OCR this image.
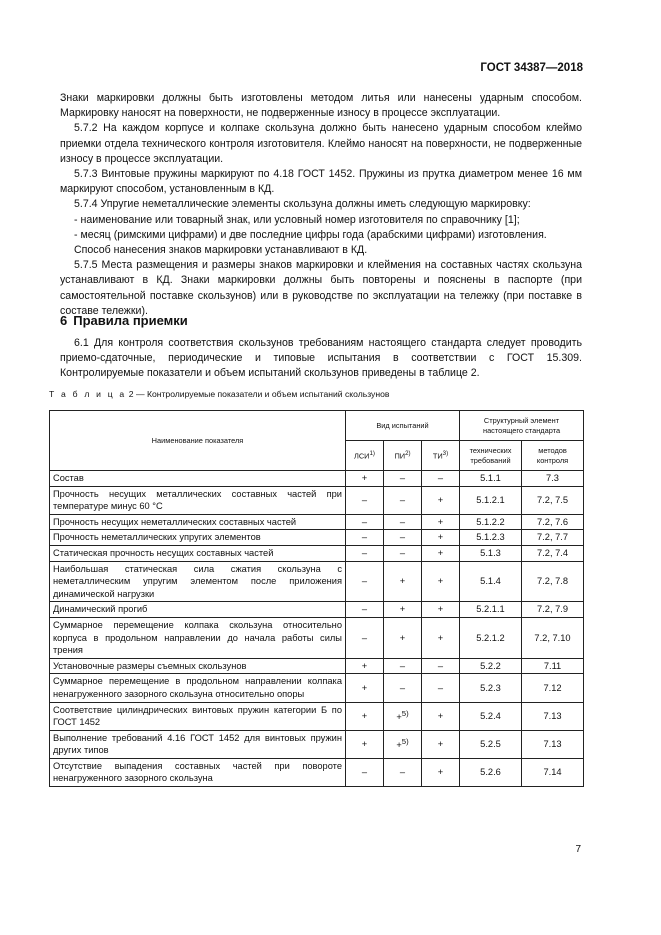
ГОСТ 34387—2018

Знаки маркировки должны быть изготовлены методом литья или нанесены ударным способом. Маркировку наносят на поверхности, не подверженные износу в процессе эксплуатации.

5.7.2 На каждом корпусе и колпаке скользуна должно быть нанесено ударным способом клеймо приемки отдела технического контроля изготовителя. Клеймо наносят на поверхности, не подверженные износу в процессе эксплуатации.

5.7.3 Винтовые пружины маркируют по 4.18 ГОСТ 1452. Пружины из прутка диаметром менее 16 мм маркируют способом, установленным в КД.

5.7.4 Упругие неметаллические элементы скользуна должны иметь следующую маркировку:

- наименование или товарный знак, или условный номер изготовителя по справочнику [1];

- месяц (римскими цифрами) и две последние цифры года (арабскими цифрами) изготовления.

Способ нанесения знаков маркировки устанавливают в КД.

5.7.5 Места размещения и размеры знаков маркировки и клеймения на составных частях скользуна устанавливают в КД. Знаки маркировки должны быть повторены и пояснены в паспорте (при самостоятельной поставке скользунов) или в руководстве по эксплуатации на тележку (при поставке в составе тележки).

6 Правила приемки

6.1 Для контроля соответствия скользунов требованиям настоящего стандарта следует проводить приемо-сдаточные, периодические и типовые испытания в соответствии с ГОСТ 15.309. Контролируемые показатели и объем испытаний скользунов приведены в таблице 2.

Т а б л и ц а 2 — Контролируемые показатели и объем испытаний скользунов
Наименование показателя	Вид испытаний			Структурный элемент настоящего стандарта	
	ЛСИ$^{1)}$	ПИ$^{2)}$	ТИ$^{3)}$	технических требований	методов контроля
Состав	+	–	–	5.1.1	7.3
Прочность несущих металлических составных частей при температуре минус 60 °С	–	–	+	5.1.2.1	7.2, 7.5
Прочность несущих неметаллических составных частей	–	–	+	5.1.2.2	7.2, 7.6
Прочность неметаллических упругих элементов	–	–	+	5.1.2.3	7.2, 7.7
Статическая прочность несущих составных частей	–	–	+	5.1.3	7.2, 7.4
Наибольшая статическая сила сжатия скользуна с неметаллическим упругим элементом после приложения динамической нагрузки	–	+	+	5.1.4	7.2, 7.8
Динамический прогиб	–	+	+	5.2.1.1	7.2, 7.9
Суммарное перемещение колпака скользуна относительно корпуса в продольном направлении до начала работы силы трения	–	+	+	5.2.1.2	7.2, 7.10
Установочные размеры съемных скользунов	+	–	–	5.2.2	7.11
Суммарное перемещение в продольном направлении колпака ненагруженного зазорного скользуна относительно опоры	+	–	–	5.2.3	7.12
Соответствие цилиндрических винтовых пружин категории Б по ГОСТ 1452	+	+$^{5)}$	+	5.2.4	7.13
Выполнение требований 4.16 ГОСТ 1452 для винтовых пружин других типов	+	+$^{5)}$	+	5.2.5	7.13
Отсутствие выпадения составных частей при повороте ненагруженного зазорного скользуна	–	–	+	5.2.6	7.14
7
